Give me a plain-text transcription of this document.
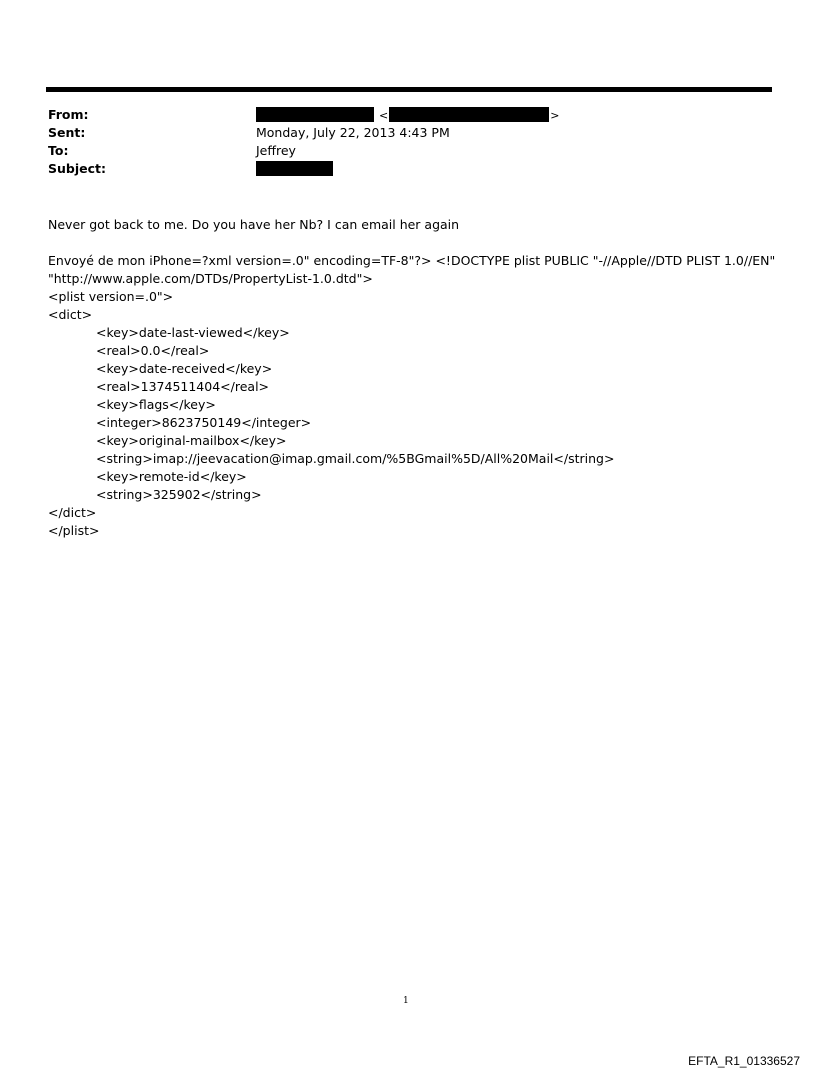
From:	<	>
Sent:	Monday, July 22, 2013 4:43 PM
To:	Jeffrey
Subject:

Never got back to me. Do you have her Nb? I can email her again

Envoyé de mon iPhone=?xml version=.0" encoding=TF-8"?> <!DOCTYPE plist PUBLIC "-//Apple//DTD PLIST 1.0//EN"

"http://www.apple.com/DTDs/PropertyList-1.0.dtd">

<plist version=.0">

<dict>

<key>date-last-viewed</key>

<real>0.0</real>

<key>date-received</key>

<real>1374511404</real>

<key>flags</key>

<integer>8623750149</integer>

<key>original-mailbox</key>

<string>imap://jeevacation@imap.gmail.com/%5BGmail%5D/All%20Mail</string>

<key>remote-id</key>

<string>325902</string>

</dict>

</plist>

1
EFTA_R1_01336527
